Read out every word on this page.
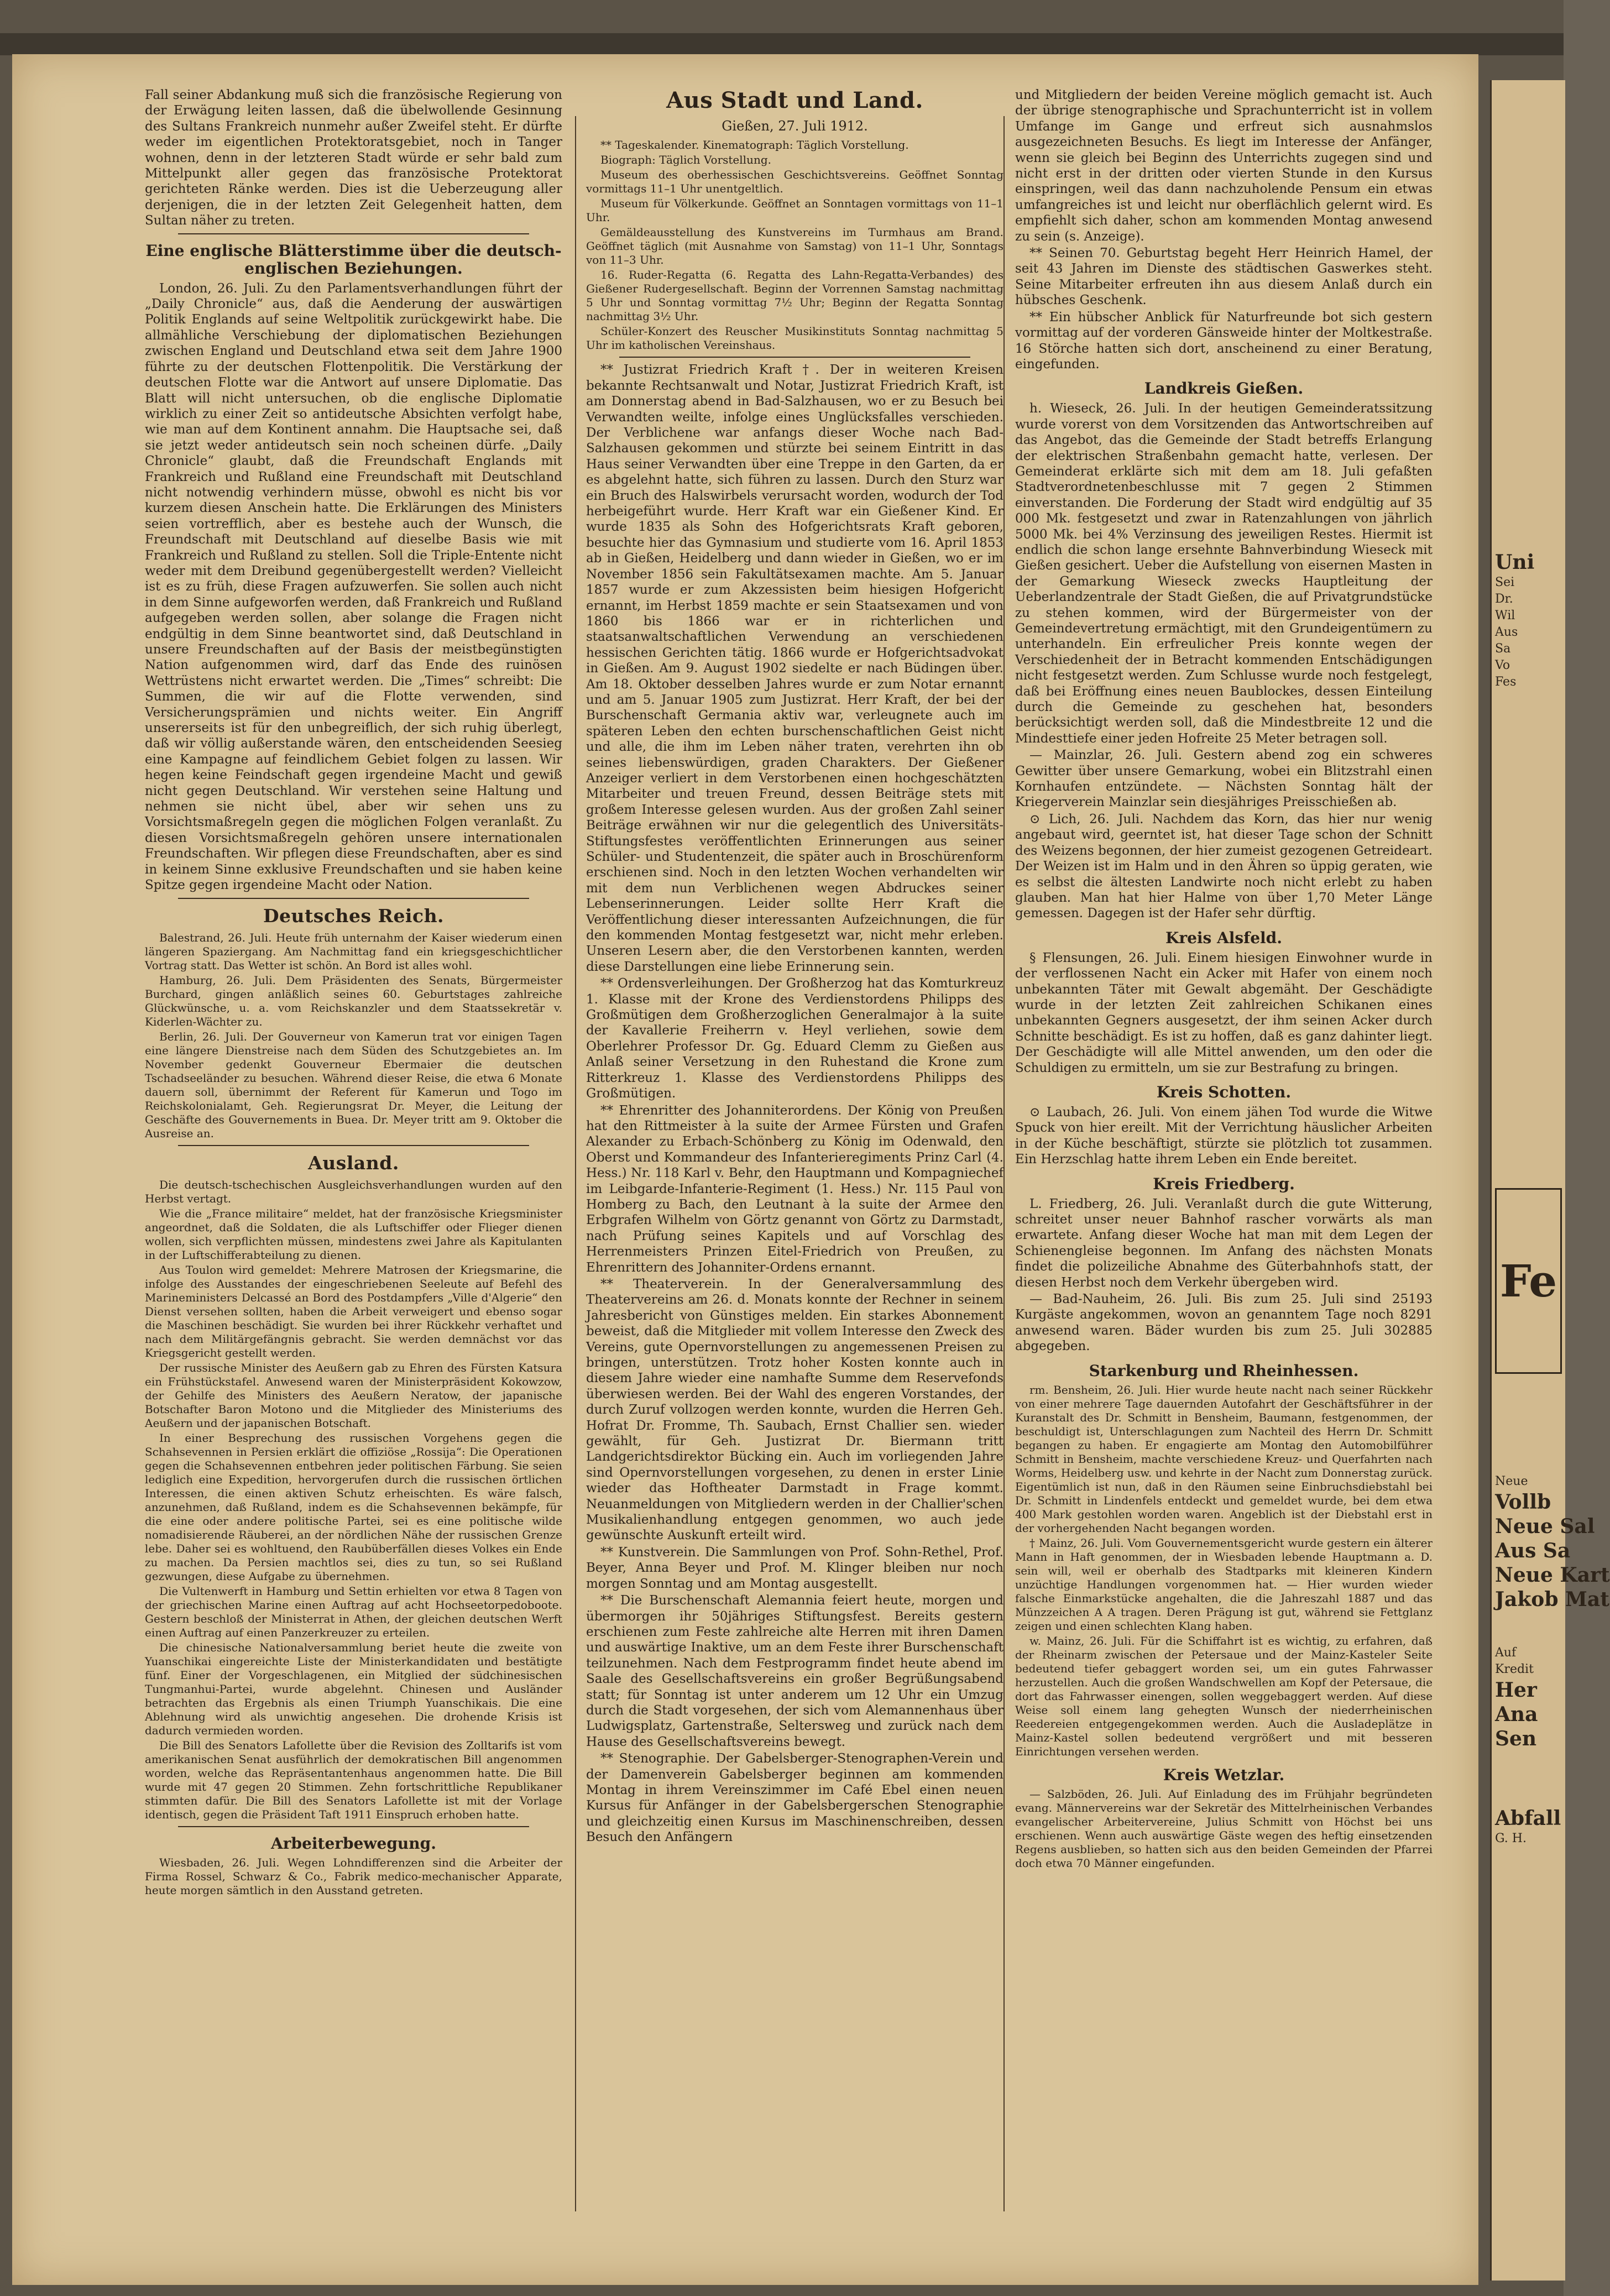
Fall seiner Abdankung muß sich die französische Regierung von der Erwägung leiten lassen, daß die übelwollende Gesinnung des Sultans Frankreich nunmehr außer Zweifel steht. Er dürfte weder im eigentlichen Protektoratsgebiet, noch in Tanger wohnen, denn in der letzteren Stadt würde er sehr bald zum Mittelpunkt aller gegen das französische Protektorat gerichteten Ränke werden. Dies ist die Ueberzeugung aller derjenigen, die in der letzten Zeit Gelegenheit hatten, dem Sultan näher zu treten.

Eine englische Blätterstimme über die deutsch-englischen Beziehungen.

London, 26. Juli. Zu den Parlamentsverhandlungen führt der „Daily Chronicle“ aus, daß die Aenderung der auswärtigen Politik Englands auf seine Weltpolitik zurückgewirkt habe. Die allmähliche Verschiebung der diplomatischen Beziehungen zwischen England und Deutschland etwa seit dem Jahre 1900 führte zu der deutschen Flottenpolitik. Die Verstärkung der deutschen Flotte war die Antwort auf unsere Diplomatie. Das Blatt will nicht untersuchen, ob die englische Diplomatie wirklich zu einer Zeit so antideutsche Absichten verfolgt habe, wie man auf dem Kontinent annahm. Die Hauptsache sei, daß sie jetzt weder antideutsch sein noch scheinen dürfe. „Daily Chronicle“ glaubt, daß die Freundschaft Englands mit Frankreich und Rußland eine Freundschaft mit Deutschland nicht notwendig verhindern müsse, obwohl es nicht bis vor kurzem diesen Anschein hatte. Die Erklärungen des Ministers seien vortrefflich, aber es bestehe auch der Wunsch, die Freundschaft mit Deutschland auf dieselbe Basis wie mit Frankreich und Rußland zu stellen. Soll die Triple-Entente nicht weder mit dem Dreibund gegenübergestellt werden? Vielleicht ist es zu früh, diese Fragen aufzuwerfen. Sie sollen auch nicht in dem Sinne aufgeworfen werden, daß Frankreich und Rußland aufgegeben werden sollen, aber solange die Fragen nicht endgültig in dem Sinne beantwortet sind, daß Deutschland in unsere Freundschaften auf der Basis der meistbegünstigten Nation aufgenommen wird, darf das Ende des ruinösen Wettrüstens nicht erwartet werden. Die „Times“ schreibt: Die Summen, die wir auf die Flotte verwenden, sind Versicherungsprämien und nichts weiter. Ein Angriff unsererseits ist für den unbegreiflich, der sich ruhig überlegt, daß wir völlig außerstande wären, den entscheidenden Seesieg eine Kampagne auf feindlichem Gebiet folgen zu lassen. Wir hegen keine Feindschaft gegen irgendeine Macht und gewiß nicht gegen Deutschland. Wir verstehen seine Haltung und nehmen sie nicht übel, aber wir sehen uns zu Vorsichtsmaßregeln gegen die möglichen Folgen veranlaßt. Zu diesen Vorsichtsmaßregeln gehören unsere internationalen Freundschaften. Wir pflegen diese Freundschaften, aber es sind in keinem Sinne exklusive Freundschaften und sie haben keine Spitze gegen irgendeine Macht oder Nation.

Deutsches Reich.

Balestrand, 26. Juli. Heute früh unternahm der Kaiser wiederum einen längeren Spaziergang. Am Nachmittag fand ein kriegsgeschichtlicher Vortrag statt. Das Wetter ist schön. An Bord ist alles wohl.

Hamburg, 26. Juli. Dem Präsidenten des Senats, Bürgermeister Burchard, gingen anläßlich seines 60. Geburtstages zahlreiche Glückwünsche, u. a. vom Reichskanzler und dem Staatssekretär v. Kiderlen-Wächter zu.

Berlin, 26. Juli. Der Gouverneur von Kamerun trat vor einigen Tagen eine längere Dienstreise nach dem Süden des Schutzgebietes an. Im November gedenkt Gouverneur Ebermaier die deutschen Tschadseeländer zu besuchen. Während dieser Reise, die etwa 6 Monate dauern soll, übernimmt der Referent für Kamerun und Togo im Reichskolonialamt, Geh. Regierungsrat Dr. Meyer, die Leitung der Geschäfte des Gouvernements in Buea. Dr. Meyer tritt am 9. Oktober die Ausreise an.

Ausland.

Die deutsch-tschechischen Ausgleichsverhandlungen wurden auf den Herbst vertagt.

Wie die „France militaire“ meldet, hat der französische Kriegsminister angeordnet, daß die Soldaten, die als Luftschiffer oder Flieger dienen wollen, sich verpflichten müssen, mindestens zwei Jahre als Kapitulanten in der Luftschifferabteilung zu dienen.

Aus Toulon wird gemeldet: Mehrere Matrosen der Kriegsmarine, die infolge des Ausstandes der eingeschriebenen Seeleute auf Befehl des Marineministers Delcassé an Bord des Postdampfers „Ville d'Algerie“ den Dienst versehen sollten, haben die Arbeit verweigert und ebenso sogar die Maschinen beschädigt. Sie wurden bei ihrer Rückkehr verhaftet und nach dem Militärgefängnis gebracht. Sie werden demnächst vor das Kriegsgericht gestellt werden.

Der russische Minister des Aeußern gab zu Ehren des Fürsten Katsura ein Frühstückstafel. Anwesend waren der Ministerpräsident Kokowzow, der Gehilfe des Ministers des Aeußern Neratow, der japanische Botschafter Baron Motono und die Mitglieder des Ministeriums des Aeußern und der japanischen Botschaft.

In einer Besprechung des russischen Vorgehens gegen die Schahsevennen in Persien erklärt die offiziöse „Rossija“: Die Operationen gegen die Schahsevennen entbehren jeder politischen Färbung. Sie seien lediglich eine Expedition, hervorgerufen durch die russischen örtlichen Interessen, die einen aktiven Schutz erheischten. Es wäre falsch, anzunehmen, daß Rußland, indem es die Schahsevennen bekämpfe, für die eine oder andere politische Partei, sei es eine politische wilde nomadisierende Räuberei, an der nördlichen Nähe der russischen Grenze lebe. Daher sei es wohltuend, den Raubüberfällen dieses Volkes ein Ende zu machen. Da Persien machtlos sei, dies zu tun, so sei Rußland gezwungen, diese Aufgabe zu übernehmen.

Die Vultenwerft in Hamburg und Settin erhielten vor etwa 8 Tagen von der griechischen Marine einen Auftrag auf acht Hochseetorpedoboote. Gestern beschloß der Ministerrat in Athen, der gleichen deutschen Werft einen Auftrag auf einen Panzerkreuzer zu erteilen.

Die chinesische Nationalversammlung beriet heute die zweite von Yuanschikai eingereichte Liste der Ministerkandidaten und bestätigte fünf. Einer der Vorgeschlagenen, ein Mitglied der südchinesischen Tungmanhui-Partei, wurde abgelehnt. Chinesen und Ausländer betrachten das Ergebnis als einen Triumph Yuanschikais. Die eine Ablehnung wird als unwichtig angesehen. Die drohende Krisis ist dadurch vermieden worden.

Die Bill des Senators Lafollette über die Revision des Zolltarifs ist vom amerikanischen Senat ausführlich der demokratischen Bill angenommen worden, welche das Repräsentantenhaus angenommen hatte. Die Bill wurde mit 47 gegen 20 Stimmen. Zehn fortschrittliche Republikaner stimmten dafür. Die Bill des Senators Lafollette ist mit der Vorlage identisch, gegen die Präsident Taft 1911 Einspruch erhoben hatte.

Arbeiterbewegung.

Wiesbaden, 26. Juli. Wegen Lohndifferenzen sind die Arbeiter der Firma Rossel, Schwarz & Co., Fabrik medico-mechanischer Apparate, heute morgen sämtlich in den Ausstand getreten.

Aus Stadt und Land.
Gießen, 27. Juli 1912.

** Tageskalender. Kinematograph: Täglich Vorstellung.

Biograph: Täglich Vorstellung.

Museum des oberhessischen Geschichtsvereins. Geöffnet Sonntag vormittags 11–1 Uhr unentgeltlich.

Museum für Völkerkunde. Geöffnet an Sonntagen vormittags von 11–1 Uhr.

Gemäldeausstellung des Kunstvereins im Turmhaus am Brand. Geöffnet täglich (mit Ausnahme von Samstag) von 11–1 Uhr, Sonntags von 11–3 Uhr.

16. Ruder-Regatta (6. Regatta des Lahn-Regatta-Verbandes) des Gießener Rudergesellschaft. Beginn der Vorrennen Samstag nachmittag 5 Uhr und Sonntag vormittag 7½ Uhr; Beginn der Regatta Sonntag nachmittag 3½ Uhr.

Schüler-Konzert des Reuscher Musikinstituts Sonntag nachmittag 5 Uhr im katholischen Vereinshaus.

** Justizrat Friedrich Kraft †. Der in weiteren Kreisen bekannte Rechtsanwalt und Notar, Justizrat Friedrich Kraft, ist am Donnerstag abend in Bad-Salzhausen, wo er zu Besuch bei Verwandten weilte, infolge eines Unglücksfalles verschieden. Der Verblichene war anfangs dieser Woche nach Bad-Salzhausen gekommen und stürzte bei seinem Eintritt in das Haus seiner Verwandten über eine Treppe in den Garten, da er es abgelehnt hatte, sich führen zu lassen. Durch den Sturz war ein Bruch des Halswirbels verursacht worden, wodurch der Tod herbeigeführt wurde. Herr Kraft war ein Gießener Kind. Er wurde 1835 als Sohn des Hofgerichtsrats Kraft geboren, besuchte hier das Gymnasium und studierte vom 16. April 1853 ab in Gießen, Heidelberg und dann wieder in Gießen, wo er im November 1856 sein Fakultätsexamen machte. Am 5. Januar 1857 wurde er zum Akzessisten beim hiesigen Hofgericht ernannt, im Herbst 1859 machte er sein Staatsexamen und von 1860 bis 1866 war er in richterlichen und staatsanwaltschaftlichen Verwendung an verschiedenen hessischen Gerichten tätig. 1866 wurde er Hofgerichtsadvokat in Gießen. Am 9. August 1902 siedelte er nach Büdingen über. Am 18. Oktober desselben Jahres wurde er zum Notar ernannt und am 5. Januar 1905 zum Justizrat. Herr Kraft, der bei der Burschenschaft Germania aktiv war, verleugnete auch im späteren Leben den echten burschenschaftlichen Geist nicht und alle, die ihm im Leben näher traten, verehrten ihn ob seines liebenswürdigen, graden Charakters. Der Gießener Anzeiger verliert in dem Verstorbenen einen hochgeschätzten Mitarbeiter und treuen Freund, dessen Beiträge stets mit großem Interesse gelesen wurden. Aus der großen Zahl seiner Beiträge erwähnen wir nur die gelegentlich des Universitäts-Stiftungsfestes veröffentlichten Erinnerungen aus seiner Schüler- und Studentenzeit, die später auch in Broschürenform erschienen sind. Noch in den letzten Wochen verhandelten wir mit dem nun Verblichenen wegen Abdruckes seiner Lebenserinnerungen. Leider sollte Herr Kraft die Veröffentlichung dieser interessanten Aufzeichnungen, die für den kommenden Montag festgesetzt war, nicht mehr erleben. Unseren Lesern aber, die den Verstorbenen kannten, werden diese Darstellungen eine liebe Erinnerung sein.

** Ordensverleihungen. Der Großherzog hat das Komturkreuz 1. Klasse mit der Krone des Verdienstordens Philipps des Großmütigen dem Großherzoglichen Generalmajor à la suite der Kavallerie Freiherrn v. Heyl verliehen, sowie dem Oberlehrer Professor Dr. Gg. Eduard Clemm zu Gießen aus Anlaß seiner Versetzung in den Ruhestand die Krone zum Ritterkreuz 1. Klasse des Verdienstordens Philipps des Großmütigen.

** Ehrenritter des Johanniterordens. Der König von Preußen hat den Rittmeister à la suite der Armee Fürsten und Grafen Alexander zu Erbach-Schönberg zu König im Odenwald, den Oberst und Kommandeur des Infanterieregiments Prinz Carl (4. Hess.) Nr. 118 Karl v. Behr, den Hauptmann und Kompagniechef im Leibgarde-Infanterie-Regiment (1. Hess.) Nr. 115 Paul von Homberg zu Bach, den Leutnant à la suite der Armee den Erbgrafen Wilhelm von Görtz genannt von Görtz zu Darmstadt, nach Prüfung seines Kapitels und auf Vorschlag des Herrenmeisters Prinzen Eitel-Friedrich von Preußen, zu Ehrenrittern des Johanniter-Ordens ernannt.

** Theaterverein. In der Generalversammlung des Theatervereins am 26. d. Monats konnte der Rechner in seinem Jahresbericht von Günstiges melden. Ein starkes Abonnement beweist, daß die Mitglieder mit vollem Interesse den Zweck des Vereins, gute Opernvorstellungen zu angemessenen Preisen zu bringen, unterstützen. Trotz hoher Kosten konnte auch in diesem Jahre wieder eine namhafte Summe dem Reservefonds überwiesen werden. Bei der Wahl des engeren Vorstandes, der durch Zuruf vollzogen werden konnte, wurden die Herren Geh. Hofrat Dr. Fromme, Th. Saubach, Ernst Challier sen. wieder gewählt, für Geh. Justizrat Dr. Biermann tritt Landgerichtsdirektor Bücking ein. Auch im vorliegenden Jahre sind Opernvorstellungen vorgesehen, zu denen in erster Linie wieder das Hoftheater Darmstadt in Frage kommt. Neuanmeldungen von Mitgliedern werden in der Challier'schen Musikalienhandlung entgegen genommen, wo auch jede gewünschte Auskunft erteilt wird.

** Kunstverein. Die Sammlungen von Prof. Sohn-Rethel, Prof. Beyer, Anna Beyer und Prof. M. Klinger bleiben nur noch morgen Sonntag und am Montag ausgestellt.

** Die Burschenschaft Alemannia feiert heute, morgen und übermorgen ihr 50jähriges Stiftungsfest. Bereits gestern erschienen zum Feste zahlreiche alte Herren mit ihren Damen und auswärtige Inaktive, um an dem Feste ihrer Burschenschaft teilzunehmen. Nach dem Festprogramm findet heute abend im Saale des Gesellschaftsvereins ein großer Begrüßungsabend statt; für Sonntag ist unter anderem um 12 Uhr ein Umzug durch die Stadt vorgesehen, der sich vom Alemannenhaus über Ludwigsplatz, Gartenstraße, Seltersweg und zurück nach dem Hause des Gesellschaftsvereins bewegt.

** Stenographie. Der Gabelsberger-Stenographen-Verein und der Damenverein Gabelsberger beginnen am kommenden Montag in ihrem Vereinszimmer im Café Ebel einen neuen Kursus für Anfänger in der Gabelsbergerschen Stenographie und gleichzeitig einen Kursus im Maschinenschreiben, dessen Besuch den Anfängern

und Mitgliedern der beiden Vereine möglich gemacht ist. Auch der übrige stenographische und Sprachunterricht ist in vollem Umfange im Gange und erfreut sich ausnahmslos ausgezeichneten Besuchs. Es liegt im Interesse der Anfänger, wenn sie gleich bei Beginn des Unterrichts zugegen sind und nicht erst in der dritten oder vierten Stunde in den Kursus einspringen, weil das dann nachzuholende Pensum ein etwas umfangreiches ist und leicht nur oberflächlich gelernt wird. Es empfiehlt sich daher, schon am kommenden Montag anwesend zu sein (s. Anzeige).

** Seinen 70. Geburtstag begeht Herr Heinrich Hamel, der seit 43 Jahren im Dienste des städtischen Gaswerkes steht. Seine Mitarbeiter erfreuten ihn aus diesem Anlaß durch ein hübsches Geschenk.

** Ein hübscher Anblick für Naturfreunde bot sich gestern vormittag auf der vorderen Gänsweide hinter der Moltkestraße. 16 Störche hatten sich dort, anscheinend zu einer Beratung, eingefunden.

Landkreis Gießen.

h. Wieseck, 26. Juli. In der heutigen Gemeinderatssitzung wurde vorerst von dem Vorsitzenden das Antwortschreiben auf das Angebot, das die Gemeinde der Stadt betreffs Erlangung der elektrischen Straßenbahn gemacht hatte, verlesen. Der Gemeinderat erklärte sich mit dem am 18. Juli gefaßten Stadtverordnetenbeschlusse mit 7 gegen 2 Stimmen einverstanden. Die Forderung der Stadt wird endgültig auf 35 000 Mk. festgesetzt und zwar in Ratenzahlungen von jährlich 5000 Mk. bei 4% Verzinsung des jeweiligen Restes. Hiermit ist endlich die schon lange ersehnte Bahnverbindung Wieseck mit Gießen gesichert. Ueber die Aufstellung von eisernen Masten in der Gemarkung Wieseck zwecks Hauptleitung der Ueberlandzentrale der Stadt Gießen, die auf Privatgrundstücke zu stehen kommen, wird der Bürgermeister von der Gemeindevertretung ermächtigt, mit den Grundeigentümern zu unterhandeln. Ein erfreulicher Preis konnte wegen der Verschiedenheit der in Betracht kommenden Entschädigungen nicht festgesetzt werden. Zum Schlusse wurde noch festgelegt, daß bei Eröffnung eines neuen Baublockes, dessen Einteilung durch die Gemeinde zu geschehen hat, besonders berücksichtigt werden soll, daß die Mindestbreite 12 und die Mindesttiefe einer jeden Hofreite 25 Meter betragen soll.

— Mainzlar, 26. Juli. Gestern abend zog ein schweres Gewitter über unsere Gemarkung, wobei ein Blitzstrahl einen Kornhaufen entzündete. — Nächsten Sonntag hält der Kriegerverein Mainzlar sein diesjähriges Preisschießen ab.

⊙ Lich, 26. Juli. Nachdem das Korn, das hier nur wenig angebaut wird, geerntet ist, hat dieser Tage schon der Schnitt des Weizens begonnen, der hier zumeist gezogenen Getreideart. Der Weizen ist im Halm und in den Ähren so üppig geraten, wie es selbst die ältesten Landwirte noch nicht erlebt zu haben glauben. Man hat hier Halme von über 1,70 Meter Länge gemessen. Dagegen ist der Hafer sehr dürftig.

Kreis Alsfeld.

§ Flensungen, 26. Juli. Einem hiesigen Einwohner wurde in der verflossenen Nacht ein Acker mit Hafer von einem noch unbekannten Täter mit Gewalt abgemäht. Der Geschädigte wurde in der letzten Zeit zahlreichen Schikanen eines unbekannten Gegners ausgesetzt, der ihm seinen Acker durch Schnitte beschädigt. Es ist zu hoffen, daß es ganz dahinter liegt. Der Geschädigte will alle Mittel anwenden, um den oder die Schuldigen zu ermitteln, um sie zur Bestrafung zu bringen.

Kreis Schotten.

⊙ Laubach, 26. Juli. Von einem jähen Tod wurde die Witwe Spuck von hier ereilt. Mit der Verrichtung häuslicher Arbeiten in der Küche beschäftigt, stürzte sie plötzlich tot zusammen. Ein Herzschlag hatte ihrem Leben ein Ende bereitet.

Kreis Friedberg.

L. Friedberg, 26. Juli. Veranlaßt durch die gute Witterung, schreitet unser neuer Bahnhof rascher vorwärts als man erwartete. Anfang dieser Woche hat man mit dem Legen der Schienengleise begonnen. Im Anfang des nächsten Monats findet die polizeiliche Abnahme des Güterbahnhofs statt, der diesen Herbst noch dem Verkehr übergeben wird.

— Bad-Nauheim, 26. Juli. Bis zum 25. Juli sind 25193 Kurgäste angekommen, wovon an genanntem Tage noch 8291 anwesend waren. Bäder wurden bis zum 25. Juli 302885 abgegeben.

Starkenburg und Rheinhessen.

rm. Bensheim, 26. Juli. Hier wurde heute nacht nach seiner Rückkehr von einer mehrere Tage dauernden Autofahrt der Geschäftsführer in der Kuranstalt des Dr. Schmitt in Bensheim, Baumann, festgenommen, der beschuldigt ist, Unterschlagungen zum Nachteil des Herrn Dr. Schmitt begangen zu haben. Er engagierte am Montag den Automobilführer Schmitt in Bensheim, machte verschiedene Kreuz- und Querfahrten nach Worms, Heidelberg usw. und kehrte in der Nacht zum Donnerstag zurück. Eigentümlich ist nun, daß in den Räumen seine Einbruchsdiebstahl bei Dr. Schmitt in Lindenfels entdeckt und gemeldet wurde, bei dem etwa 400 Mark gestohlen worden waren. Angeblich ist der Diebstahl erst in der vorhergehenden Nacht begangen worden.

† Mainz, 26. Juli. Vom Gouvernementsgericht wurde gestern ein älterer Mann in Haft genommen, der in Wiesbaden lebende Hauptmann a. D. sein will, weil er oberhalb des Stadtparks mit kleineren Kindern unzüchtige Handlungen vorgenommen hat. — Hier wurden wieder falsche Einmarkstücke angehalten, die die Jahreszahl 1887 und das Münzzeichen A A tragen. Deren Prägung ist gut, während sie Fettglanz zeigen und einen schlechten Klang haben.

w. Mainz, 26. Juli. Für die Schiffahrt ist es wichtig, zu erfahren, daß der Rheinarm zwischen der Petersaue und der Mainz-Kasteler Seite bedeutend tiefer gebaggert worden sei, um ein gutes Fahrwasser herzustellen. Auch die großen Wandschwellen am Kopf der Petersaue, die dort das Fahrwasser einengen, sollen weggebaggert werden. Auf diese Weise soll einem lang gehegten Wunsch der niederrheinischen Reedereien entgegengekommen werden. Auch die Ausladeplätze in Mainz-Kastel sollen bedeutend vergrößert und mit besseren Einrichtungen versehen werden.

Kreis Wetzlar.

— Salzböden, 26. Juli. Auf Einladung des im Frühjahr begründeten evang. Männervereins war der Sekretär des Mittelrheinischen Verbandes evangelischer Arbeitervereine, Julius Schmitt von Höchst bei uns erschienen. Wenn auch auswärtige Gäste wegen des heftig einsetzenden Regens ausblieben, so hatten sich aus den beiden Gemeinden der Pfarrei doch etwa 70 Männer eingefunden.

Uni
Sei
Dr.
Wil
Aus
Sa
Vo
Fes
Fe
Neue
Vollb
Neue Sal
Aus Sa
Neue Kart
Jakob Mat
Auf
Kredit
Her
Ana
Sen
Abfall
G. H.
